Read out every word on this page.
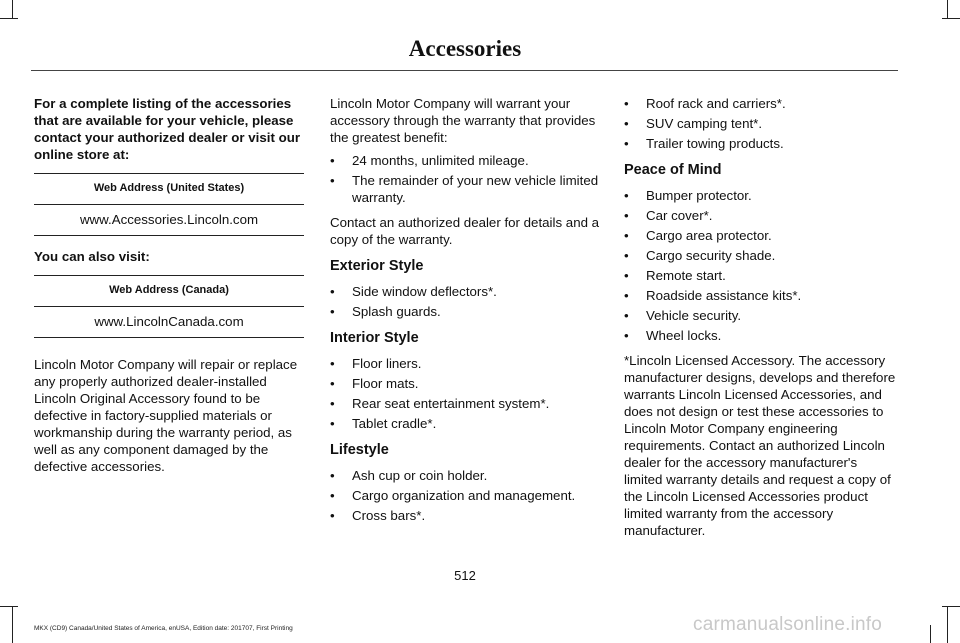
Accessories

For a complete listing of the accessories that are available for your vehicle, please contact your authorized dealer or visit our online store at:

Web Address (United States)
www.Accessories.Lincoln.com

You can also visit:

Web Address (Canada)
www.LincolnCanada.com

Lincoln Motor Company will repair or replace any properly authorized dealer-installed Lincoln Original Accessory found to be defective in factory-supplied materials or workmanship during the warranty period, as well as any component damaged by the defective accessories.

Lincoln Motor Company will warrant your accessory through the warranty that provides the greatest benefit:

• 24 months, unlimited mileage.
• The remainder of your new vehicle limited warranty.

Contact an authorized dealer for details and a copy of the warranty.

Exterior Style
• Side window deflectors*.
• Splash guards.
Interior Style
• Floor liners.
• Floor mats.
• Rear seat entertainment system*.
• Tablet cradle*.
Lifestyle
• Ash cup or coin holder.
• Cargo organization and management.
• Cross bars*.
• Roof rack and carriers*.
• SUV camping tent*.
• Trailer towing products.
Peace of Mind
• Bumper protector.
• Car cover*.
• Cargo area protector.
• Cargo security shade.
• Remote start.
• Roadside assistance kits*.
• Vehicle security.
• Wheel locks.

*Lincoln Licensed Accessory. The accessory manufacturer designs, develops and therefore warrants Lincoln Licensed Accessories, and does not design or test these accessories to Lincoln Motor Company engineering requirements. Contact an authorized Lincoln dealer for the accessory manufacturer's limited warranty details and request a copy of the Lincoln Licensed Accessories product limited warranty from the accessory manufacturer.

512
MKX (CD9) Canada/United States of America, enUSA, Edition date: 201707, First Printing	carmanualsonline.info
